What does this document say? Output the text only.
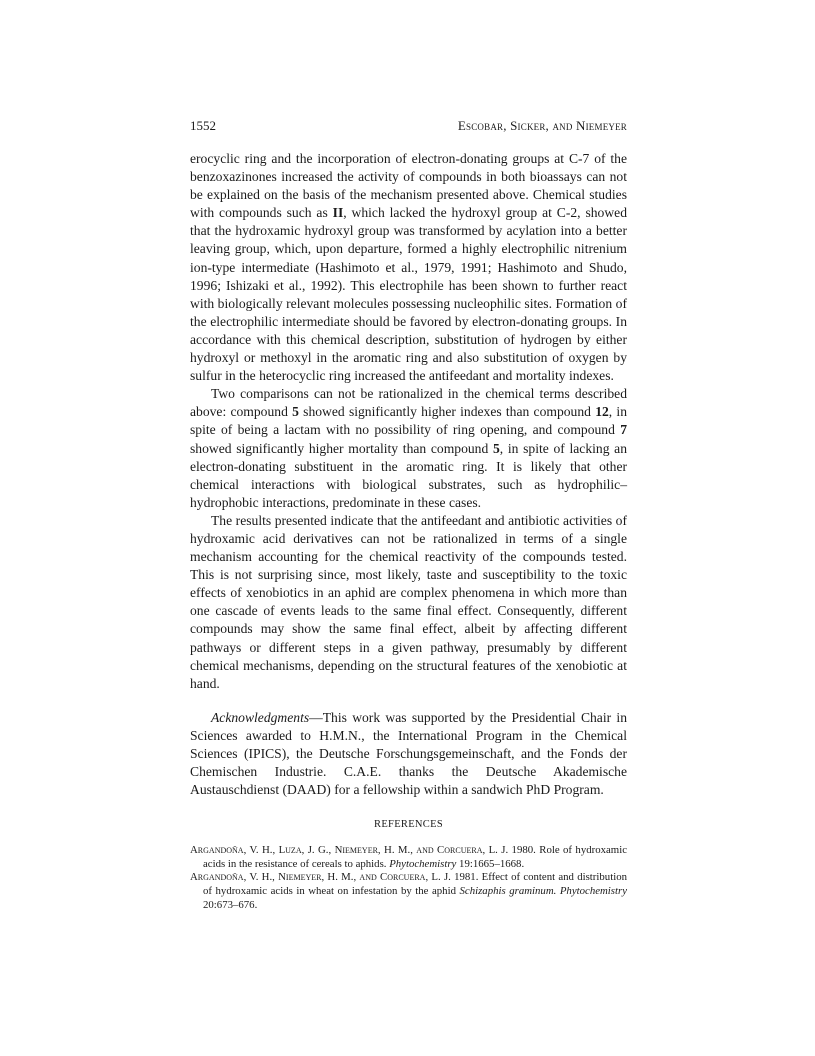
1552	Escobar, Sicker, and Niemeyer

erocyclic ring and the incorporation of electron-donating groups at C-7 of the benzoxazinones increased the activity of compounds in both bioassays can not be explained on the basis of the mechanism presented above. Chemical studies with compounds such as II, which lacked the hydroxyl group at C-2, showed that the hydroxamic hydroxyl group was transformed by acylation into a better leaving group, which, upon departure, formed a highly electrophilic nitrenium ion-type intermediate (Hashimoto et al., 1979, 1991; Hashimoto and Shudo, 1996; Ishizaki et al., 1992). This electrophile has been shown to further react with biologically relevant molecules possessing nucleophilic sites. Formation of the electrophilic intermediate should be favored by electron-donating groups. In accordance with this chemical description, substitution of hydrogen by either hydroxyl or methoxyl in the aromatic ring and also substitution of oxygen by sulfur in the heterocyclic ring increased the antifeedant and mortality indexes.

Two comparisons can not be rationalized in the chemical terms described above: compound 5 showed significantly higher indexes than compound 12, in spite of being a lactam with no possibility of ring opening, and compound 7 showed significantly higher mortality than compound 5, in spite of lacking an electron-donating substituent in the aromatic ring. It is likely that other chemical interactions with biological substrates, such as hydrophilic–hydrophobic interactions, predominate in these cases.

The results presented indicate that the antifeedant and antibiotic activities of hydroxamic acid derivatives can not be rationalized in terms of a single mechanism accounting for the chemical reactivity of the compounds tested. This is not surprising since, most likely, taste and susceptibility to the toxic effects of xenobiotics in an aphid are complex phenomena in which more than one cascade of events leads to the same final effect. Consequently, different compounds may show the same final effect, albeit by affecting different pathways or different steps in a given pathway, presumably by different chemical mechanisms, depending on the structural features of the xenobiotic at hand.

Acknowledgments—This work was supported by the Presidential Chair in Sciences awarded to H.M.N., the International Program in the Chemical Sciences (IPICS), the Deutsche Forschungsgemeinschaft, and the Fonds der Chemischen Industrie. C.A.E. thanks the Deutsche Akademische Austauschdienst (DAAD) for a fellowship within a sandwich PhD Program.

REFERENCES

Argandoña, V. H., Luza, J. G., Niemeyer, H. M., and Corcuera, L. J. 1980. Role of hydroxamic acids in the resistance of cereals to aphids. Phytochemistry 19:1665–1668.

Argandoña, V. H., Niemeyer, H. M., and Corcuera, L. J. 1981. Effect of content and distribution of hydroxamic acids in wheat on infestation by the aphid Schizaphis graminum. Phytochemistry 20:673–676.
